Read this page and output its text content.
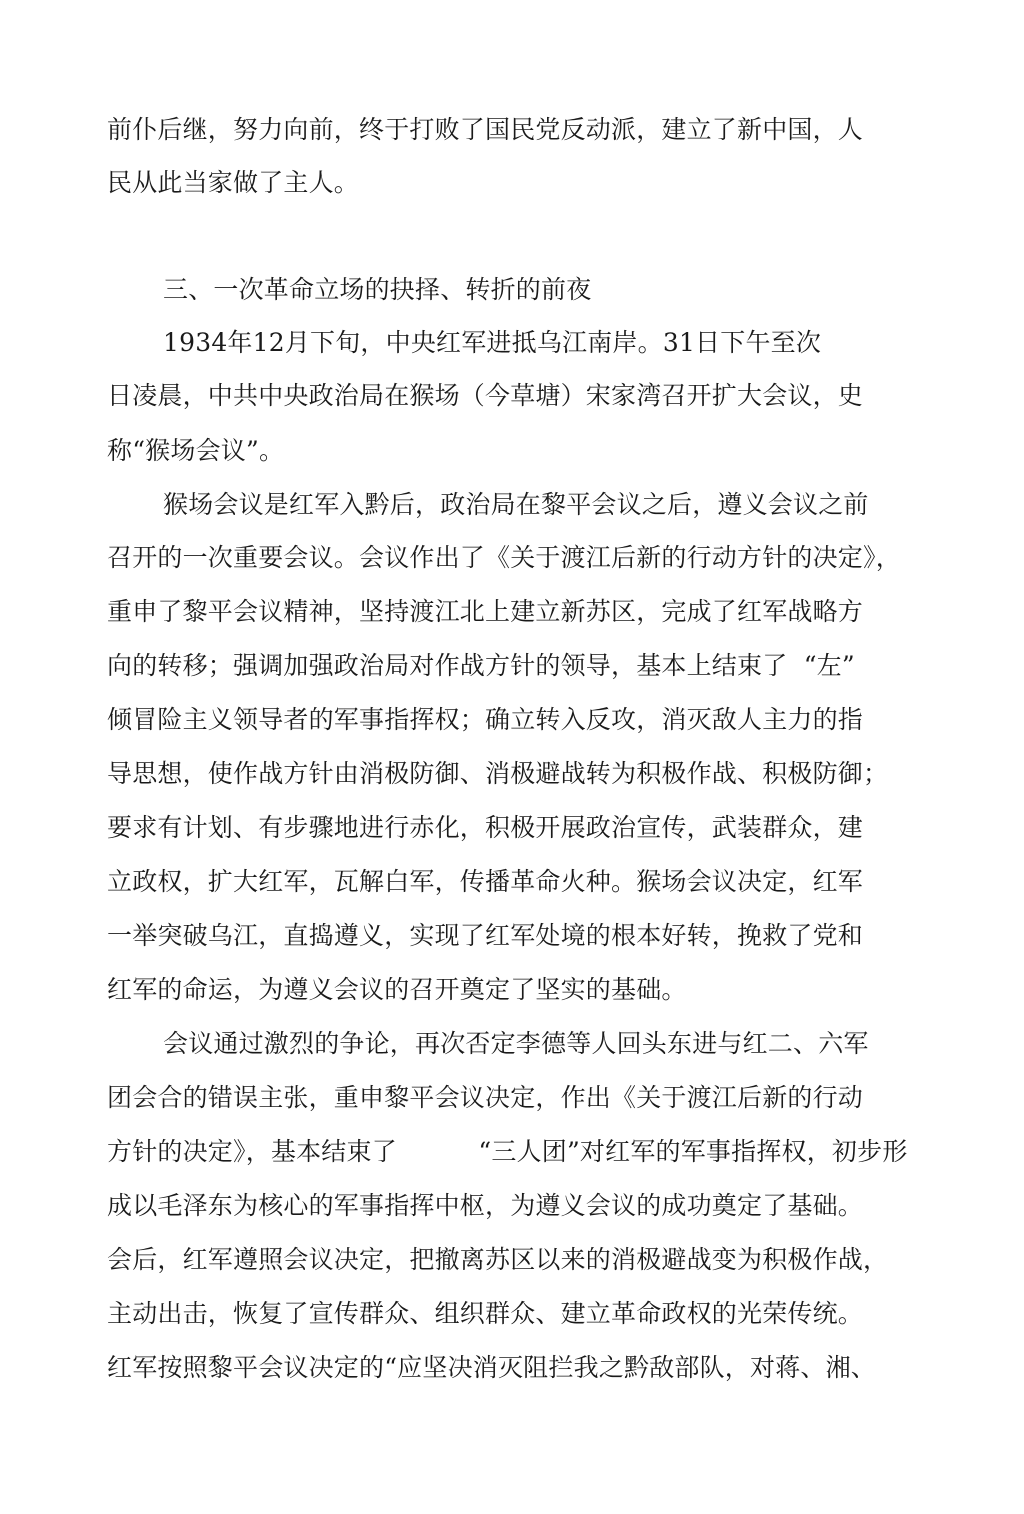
前仆后继，努力向前，终于打败了国民党反动派，建立了新中国，人
民从此当家做了主人。
三、一次革命立场的抉择、转折的前夜
1934年12月下旬，中央红军进抵乌江南岸。31日下午至次
日凌晨，中共中央政治局在猴场（今草塘）宋家湾召开扩大会议，史
称“猴场会议”。
猴场会议是红军入黔后，政治局在黎平会议之后，遵义会议之前
召开的一次重要会议。会议作出了《关于渡江后新的行动方针的决定》，
重申了黎平会议精神，坚持渡江北上建立新苏区，完成了红军战略方
向的转移；强调加强政治局对作战方针的领导，基本上结束了  “左”
倾冒险主义领导者的军事指挥权；确立转入反攻，消灭敌人主力的指
导思想，使作战方针由消极防御、消极避战转为积极作战、积极防御；
要求有计划、有步骤地进行赤化，积极开展政治宣传，武装群众，建
立政权，扩大红军，瓦解白军，传播革命火种。猴场会议决定，红军
一举突破乌江，直捣遵义，实现了红军处境的根本好转，挽救了党和
红军的命运，为遵义会议的召开奠定了坚实的基础。
会议通过激烈的争论，再次否定李德等人回头东进与红二、六军
团会合的错误主张，重申黎平会议决定，作出《关于渡江后新的行动
方针的决定》，基本结束了          “三人团”对红军的军事指挥权，初步形
成以毛泽东为核心的军事指挥中枢，为遵义会议的成功奠定了基础。
会后，红军遵照会议决定，把撤离苏区以来的消极避战变为积极作战，
主动出击，恢复了宣传群众、组织群众、建立革命政权的光荣传统。
红军按照黎平会议决定的“应坚决消灭阻拦我之黔敌部队，对蒋、湘、
